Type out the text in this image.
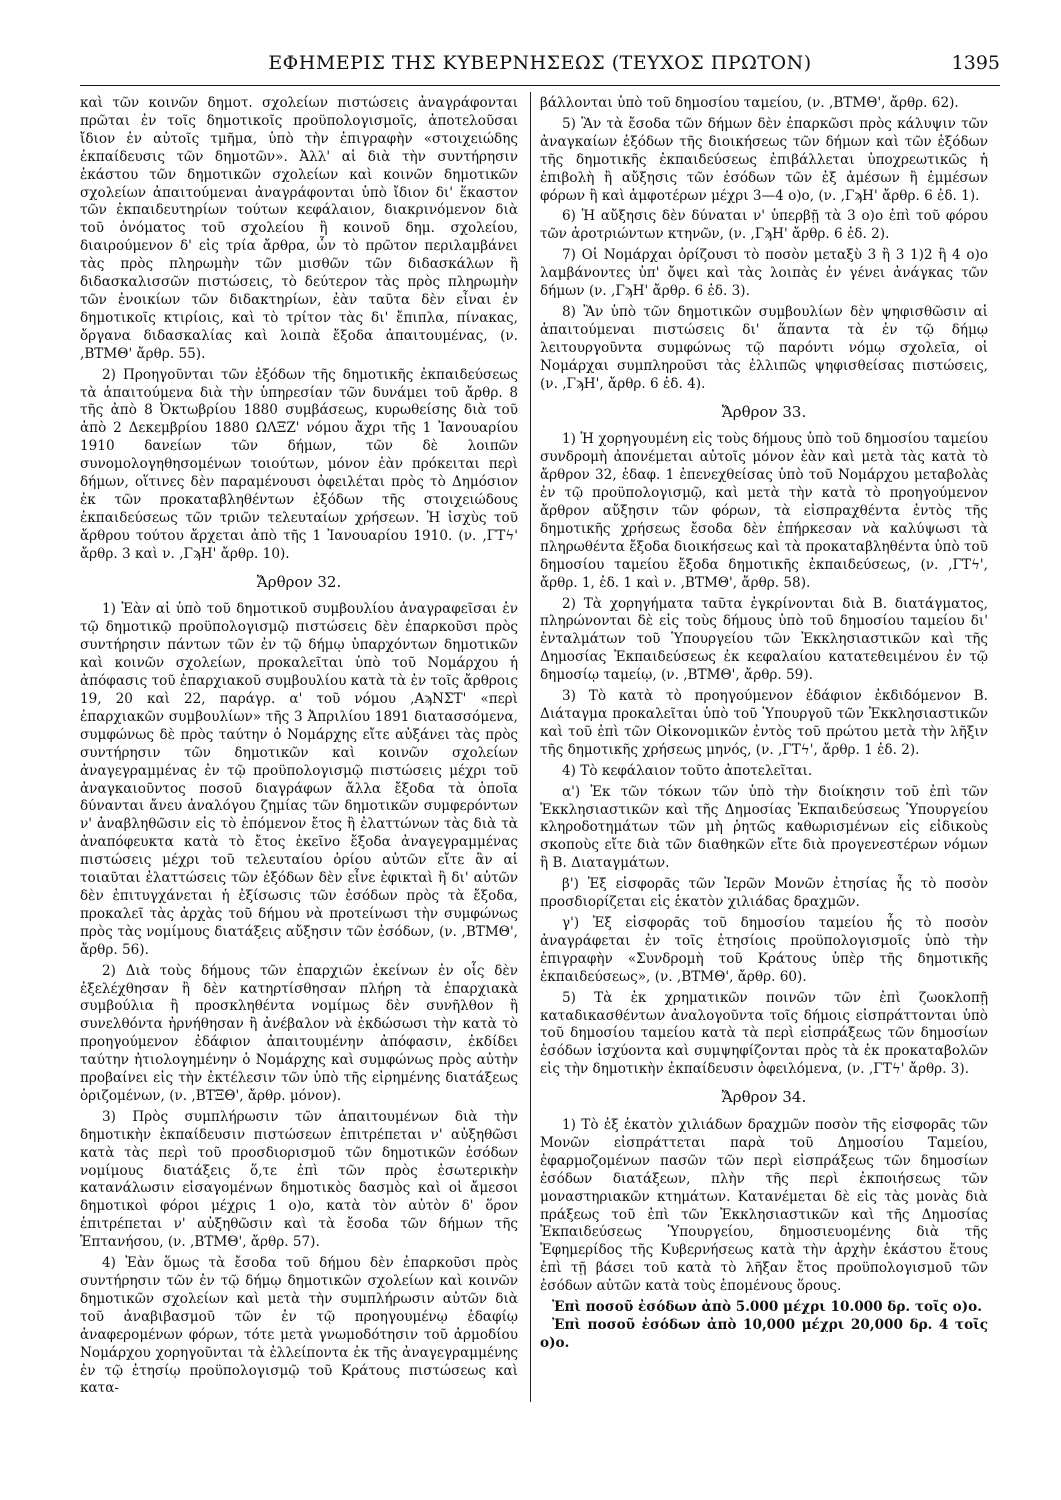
ΕΦΗΜΕΡΙΣ ΤΗΣ ΚΥΒΕΡΝΗΣΕΩΣ (ΤΕΥΧΟΣ ΠΡΩΤΟΝ)	1395

καὶ τῶν κοινῶν δημοτ. σχολείων πιστώσεις ἀναγράφονται πρῶται ἐν τοῖς δημοτικοῖς προϋπολογισμοῖς, ἀποτελοῦσαι ἴδιον ἐν αὐτοῖς τμῆμα, ὑπὸ τὴν ἐπιγραφὴν «στοιχειώδης ἐκπαίδευσις τῶν δημοτῶν». Ἀλλ' αἱ διὰ τὴν συντήρησιν ἑκάστου τῶν δημοτικῶν σχολείων καὶ κοινῶν δημοτικῶν σχολείων ἀπαιτούμεναι ἀναγράφονται ὑπὸ ἴδιον δι' ἕκαστον τῶν ἐκπαιδευτηρίων τούτων κεφάλαιον, διακρινόμενον διὰ τοῦ ὀνόματος τοῦ σχολείου ἢ κοινοῦ δημ. σχολείου, διαιρούμενον δ' εἰς τρία ἄρθρα, ὧν τὸ πρῶτον περιλαμβάνει τὰς πρὸς πληρωμὴν τῶν μισθῶν τῶν διδασκάλων ἢ διδασκαλισσῶν πιστώσεις, τὸ δεύτερον τὰς πρὸς πληρωμὴν τῶν ἐνοικίων τῶν διδακτηρίων, ἐὰν ταῦτα δὲν εἶναι ἐν δημοτικοῖς κτιρίοις, καὶ τὸ τρίτον τὰς δι' ἔπιπλα, πίνακας, ὄργανα διδασκαλίας καὶ λοιπὰ ἔξοδα ἀπαιτουμένας, (ν. ,ΒΤΜΘ' ἄρθρ. 55).

2) Προηγοῦνται τῶν ἐξόδων τῆς δημοτικῆς ἐκπαιδεύσεως τὰ ἀπαιτούμενα διὰ τὴν ὑπηρεσίαν τῶν δυνάμει τοῦ ἄρθρ. 8 τῆς ἀπὸ 8 Ὀκτωβρίου 1880 συμβάσεως, κυρωθείσης διὰ τοῦ ἀπὸ 2 Δεκεμβρίου 1880 ΩΛΞΖ' νόμου ἄχρι τῆς 1 Ἰανουαρίου 1910 δανείων τῶν δήμων, τῶν δὲ λοιπῶν συνομολογηθησομένων τοιούτων, μόνον ἐὰν πρόκειται περὶ δήμων, οἵτινες δὲν παραμένουσι ὀφειλέται πρὸς τὸ Δημόσιον ἐκ τῶν προκαταβληθέντων ἐξόδων τῆς στοιχειώδους ἐκπαιδεύσεως τῶν τριῶν τελευταίων χρήσεων. Ἡ ἰσχὺς τοῦ ἄρθρου τούτου ἄρχεται ἀπὸ τῆς 1 Ἰανουαρίου 1910. (ν. ,ΓΤϟ' ἄρθρ. 3 καὶ ν. ,ΓϡΗ' ἄρθρ. 10).

Ἄρθρον 32.

1) Ἐὰν αἱ ὑπὸ τοῦ δημοτικοῦ συμβουλίου ἀναγραφεῖσαι ἐν τῷ δημοτικῷ προϋπολογισμῷ πιστώσεις δὲν ἐπαρκοῦσι πρὸς συντήρησιν πάντων τῶν ἐν τῷ δήμῳ ὑπαρχόντων δημοτικῶν καὶ κοινῶν σχολείων, προκαλεῖται ὑπὸ τοῦ Νομάρχου ἡ ἀπόφασις τοῦ ἐπαρχιακοῦ συμβουλίου κατὰ τὰ ἐν τοῖς ἄρθροις 19, 20 καὶ 22, παράγρ. α' τοῦ νόμου ,ΑϡΝΣΤ' «περὶ ἐπαρχιακῶν συμβουλίων» τῆς 3 Ἀπριλίου 1891 διατασσόμενα, συμφώνως δὲ πρὸς ταύτην ὁ Νομάρχης εἴτε αὐξάνει τὰς πρὸς συντήρησιν τῶν δημοτικῶν καὶ κοινῶν σχολείων ἀναγεγραμμένας ἐν τῷ προϋπολογισμῷ πιστώσεις μέχρι τοῦ ἀναγκαιοῦντος ποσοῦ διαγράφων ἄλλα ἔξοδα τὰ ὁποῖα δύνανται ἄνευ ἀναλόγου ζημίας τῶν δημοτικῶν συμφερόντων ν' ἀναβληθῶσιν εἰς τὸ ἐπόμενον ἔτος ἢ ἐλαττώνων τὰς διὰ τὰ ἀναπόφευκτα κατὰ τὸ ἔτος ἐκεῖνο ἔξοδα ἀναγεγραμμένας πιστώσεις μέχρι τοῦ τελευταίου ὁρίου αὐτῶν εἴτε ἂν αἱ τοιαῦται ἐλαττώσεις τῶν ἐξόδων δὲν εἶνε ἐφικταὶ ἢ δι' αὐτῶν δὲν ἐπιτυγχάνεται ἡ ἐξίσωσις τῶν ἐσόδων πρὸς τὰ ἔξοδα, προκαλεῖ τὰς ἀρχὰς τοῦ δήμου νὰ προτείνωσι τὴν συμφώνως πρὸς τὰς νομίμους διατάξεις αὔξησιν τῶν ἐσόδων, (ν. ,ΒΤΜΘ', ἄρθρ. 56).

2) Διὰ τοὺς δήμους τῶν ἐπαρχιῶν ἐκείνων ἐν οἷς δὲν ἐξελέχθησαν ἢ δὲν κατηρτίσθησαν πλήρη τὰ ἐπαρχιακὰ συμβούλια ἢ προσκληθέντα νομίμως δὲν συνῆλθον ἢ συνελθόντα ἠρνήθησαν ἢ ἀνέβαλον νὰ ἐκδώσωσι τὴν κατὰ τὸ προηγούμενον ἐδάφιον ἀπαιτουμένην ἀπόφασιν, ἐκδίδει ταύτην ἠτιολογημένην ὁ Νομάρχης καὶ συμφώνως πρὸς αὐτὴν προβαίνει εἰς τὴν ἐκτέλεσιν τῶν ὑπὸ τῆς εἰρημένης διατάξεως ὁριζομένων, (ν. ,ΒΤΞΘ', ἄρθρ. μόνον).

3) Πρὸς συμπλήρωσιν τῶν ἀπαιτουμένων διὰ τὴν δημοτικὴν ἐκπαίδευσιν πιστώσεων ἐπιτρέπεται ν' αὐξηθῶσι κατὰ τὰς περὶ τοῦ προσδιορισμοῦ τῶν δημοτικῶν ἐσόδων νομίμους διατάξεις ὅ,τε ἐπὶ τῶν πρὸς ἐσωτερικὴν κατανάλωσιν εἰσαγομένων δημοτικὸς δασμὸς καὶ οἱ ἄμεσοι δημοτικοὶ φόροι μέχρις 1 ο)ο, κατὰ τὸν αὐτὸν δ' ὅρον ἐπιτρέπεται ν' αὐξηθῶσιν καὶ τὰ ἔσοδα τῶν δήμων τῆς Ἑπτανήσου, (ν. ,ΒΤΜΘ', ἄρθρ. 57).

4) Ἐὰν ὅμως τὰ ἔσοδα τοῦ δήμου δὲν ἐπαρκοῦσι πρὸς συντήρησιν τῶν ἐν τῷ δήμῳ δημοτικῶν σχολείων καὶ κοινῶν δημοτικῶν σχολείων καὶ μετὰ τὴν συμπλήρωσιν αὐτῶν διὰ τοῦ ἀναβιβασμοῦ τῶν ἐν τῷ προηγουμένῳ ἐδαφίῳ ἀναφερομένων φόρων, τότε μετὰ γνωμοδότησιν τοῦ ἁρμοδίου Νομάρχου χορηγοῦνται τὰ ἐλλείποντα ἐκ τῆς ἀναγεγραμμένης ἐν τῷ ἐτησίῳ προϋπολογισμῷ τοῦ Κράτους πιστώσεως καὶ κατα-

βάλλονται ὑπὸ τοῦ δημοσίου ταμείου, (ν. ,ΒΤΜΘ', ἄρθρ. 62).

5) Ἂν τὰ ἔσοδα τῶν δήμων δὲν ἐπαρκῶσι πρὸς κάλυψιν τῶν ἀναγκαίων ἐξόδων τῆς διοικήσεως τῶν δήμων καὶ τῶν ἐξόδων τῆς δημοτικῆς ἐκπαιδεύσεως ἐπιβάλλεται ὑποχρεωτικῶς ἡ ἐπιβολὴ ἢ αὔξησις τῶν ἐσόδων τῶν ἐξ ἀμέσων ἢ ἐμμέσων φόρων ἢ καὶ ἀμφοτέρων μέχρι 3—4 ο)ο, (ν. ,ΓϡΗ' ἄρθρ. 6 ἐδ. 1).

6) Ἡ αὔξησις δὲν δύναται ν' ὑπερβῇ τὰ 3 ο)ο ἐπὶ τοῦ φόρου τῶν ἀροτριώντων κτηνῶν, (ν. ,ΓϡΗ' ἄρθρ. 6 ἐδ. 2).

7) Οἱ Νομάρχαι ὁρίζουσι τὸ ποσὸν μεταξὺ 3 ἢ 3 1)2 ἢ 4 ο)ο λαμβάνοντες ὑπ' ὄψει καὶ τὰς λοιπὰς ἐν γένει ἀνάγκας τῶν δήμων (ν. ,ΓϡΗ' ἄρθρ. 6 ἐδ. 3).

8) Ἂν ὑπὸ τῶν δημοτικῶν συμβουλίων δὲν ψηφισθῶσιν αἱ ἀπαιτούμεναι πιστώσεις δι' ἅπαντα τὰ ἐν τῷ δήμῳ λειτουργοῦντα συμφώνως τῷ παρόντι νόμῳ σχολεῖα, οἱ Νομάρχαι συμπληροῦσι τὰς ἐλλιπῶς ψηφισθείσας πιστώσεις, (ν. ,ΓϡΗ', ἄρθρ. 6 ἐδ. 4).

Ἄρθρον 33.

1) Ἡ χορηγουμένη εἰς τοὺς δήμους ὑπὸ τοῦ δημοσίου ταμείου συνδρομὴ ἀπονέμεται αὐτοῖς μόνον ἐὰν καὶ μετὰ τὰς κατὰ τὸ ἄρθρον 32, ἐδαφ. 1 ἐπενεχθείσας ὑπὸ τοῦ Νομάρχου μεταβολὰς ἐν τῷ προϋπολογισμῷ, καὶ μετὰ τὴν κατὰ τὸ προηγούμενον ἄρθρον αὔξησιν τῶν φόρων, τὰ εἰσπραχθέντα ἐντὸς τῆς δημοτικῆς χρήσεως ἔσοδα δὲν ἐπήρκεσαν νὰ καλύψωσι τὰ πληρωθέντα ἔξοδα διοικήσεως καὶ τὰ προκαταβληθέντα ὑπὸ τοῦ δημοσίου ταμείου ἔξοδα δημοτικῆς ἐκπαιδεύσεως, (ν. ,ΓΤϟ', ἄρθρ. 1, ἐδ. 1 καὶ ν. ,ΒΤΜΘ', ἄρθρ. 58).

2) Τὰ χορηγήματα ταῦτα ἐγκρίνονται διὰ Β. διατάγματος, πληρώνονται δὲ εἰς τοὺς δήμους ὑπὸ τοῦ δημοσίου ταμείου δι' ἐνταλμάτων τοῦ Ὑπουργείου τῶν Ἐκκλησιαστικῶν καὶ τῆς Δημοσίας Ἐκπαιδεύσεως ἐκ κεφαλαίου κατατεθειμένου ἐν τῷ δημοσίῳ ταμείῳ, (ν. ,ΒΤΜΘ', ἄρθρ. 59).

3) Τὸ κατὰ τὸ προηγούμενον ἐδάφιον ἐκδιδόμενον Β. Διάταγμα προκαλεῖται ὑπὸ τοῦ Ὑπουργοῦ τῶν Ἐκκλησιαστικῶν καὶ τοῦ ἐπὶ τῶν Οἰκονομικῶν ἐντὸς τοῦ πρώτου μετὰ τὴν λῆξιν τῆς δημοτικῆς χρήσεως μηνός, (ν. ,ΓΤϟ', ἄρθρ. 1 ἐδ. 2).

4) Τὸ κεφάλαιον τοῦτο ἀποτελεῖται.

α') Ἐκ τῶν τόκων τῶν ὑπὸ τὴν διοίκησιν τοῦ ἐπὶ τῶν Ἐκκλησιαστικῶν καὶ τῆς Δημοσίας Ἐκπαιδεύσεως Ὑπουργείου κληροδοτημάτων τῶν μὴ ῥητῶς καθωρισμένων εἰς εἰδικοὺς σκοποὺς εἴτε διὰ τῶν διαθηκῶν εἴτε διὰ προγενεστέρων νόμων ἢ Β. Διαταγμάτων.

β') Ἐξ εἰσφορᾶς τῶν Ἱερῶν Μονῶν ἐτησίας ἧς τὸ ποσὸν προσδιορίζεται εἰς ἑκατὸν χιλιάδας δραχμῶν.

γ') Ἐξ εἰσφορᾶς τοῦ δημοσίου ταμείου ἧς τὸ ποσὸν ἀναγράφεται ἐν τοῖς ἐτησίοις προϋπολογισμοῖς ὑπὸ τὴν ἐπιγραφὴν «Συνδρομὴ τοῦ Κράτους ὑπὲρ τῆς δημοτικῆς ἐκπαιδεύσεως», (ν. ,ΒΤΜΘ', ἄρθρ. 60).

5) Τὰ ἐκ χρηματικῶν ποινῶν τῶν ἐπὶ ζωοκλοπῇ καταδικασθέντων ἀναλογοῦντα τοῖς δήμοις εἰσπράττονται ὑπὸ τοῦ δημοσίου ταμείου κατὰ τὰ περὶ εἰσπράξεως τῶν δημοσίων ἐσόδων ἰσχύοντα καὶ συμψηφίζονται πρὸς τὰ ἐκ προκαταβολῶν εἰς τὴν δημοτικὴν ἐκπαίδευσιν ὀφειλόμενα, (ν. ,ΓΤϟ' ἄρθρ. 3).

Ἄρθρον 34.

1) Τὸ ἐξ ἑκατὸν χιλιάδων δραχμῶν ποσὸν τῆς εἰσφορᾶς τῶν Μονῶν εἰσπράττεται παρὰ τοῦ Δημοσίου Ταμείου, ἐφαρμοζομένων πασῶν τῶν περὶ εἰσπράξεως τῶν δημοσίων ἐσόδων διατάξεων, πλὴν τῆς περὶ ἐκποιήσεως τῶν μοναστηριακῶν κτημάτων. Κατανέμεται δὲ εἰς τὰς μονὰς διὰ πράξεως τοῦ ἐπὶ τῶν Ἐκκλησιαστικῶν καὶ τῆς Δημοσίας Ἐκπαιδεύσεως Ὑπουργείου, δημοσιευομένης διὰ τῆς Ἐφημερίδος τῆς Κυβερνήσεως κατὰ τὴν ἀρχὴν ἑκάστου ἔτους ἐπὶ τῇ βάσει τοῦ κατὰ τὸ λῆξαν ἔτος προϋπολογισμοῦ τῶν ἐσόδων αὐτῶν κατὰ τοὺς ἑπομένους ὅρους.

Ἐπὶ ποσοῦ ἐσόδων ἀπὸ 5.000 μέχρι 10.000 δρ. τοῖς ο)ο.

Ἐπὶ ποσοῦ ἐσόδων ἀπὸ 10,000 μέχρι 20,000 δρ. 4 τοῖς ο)ο.
